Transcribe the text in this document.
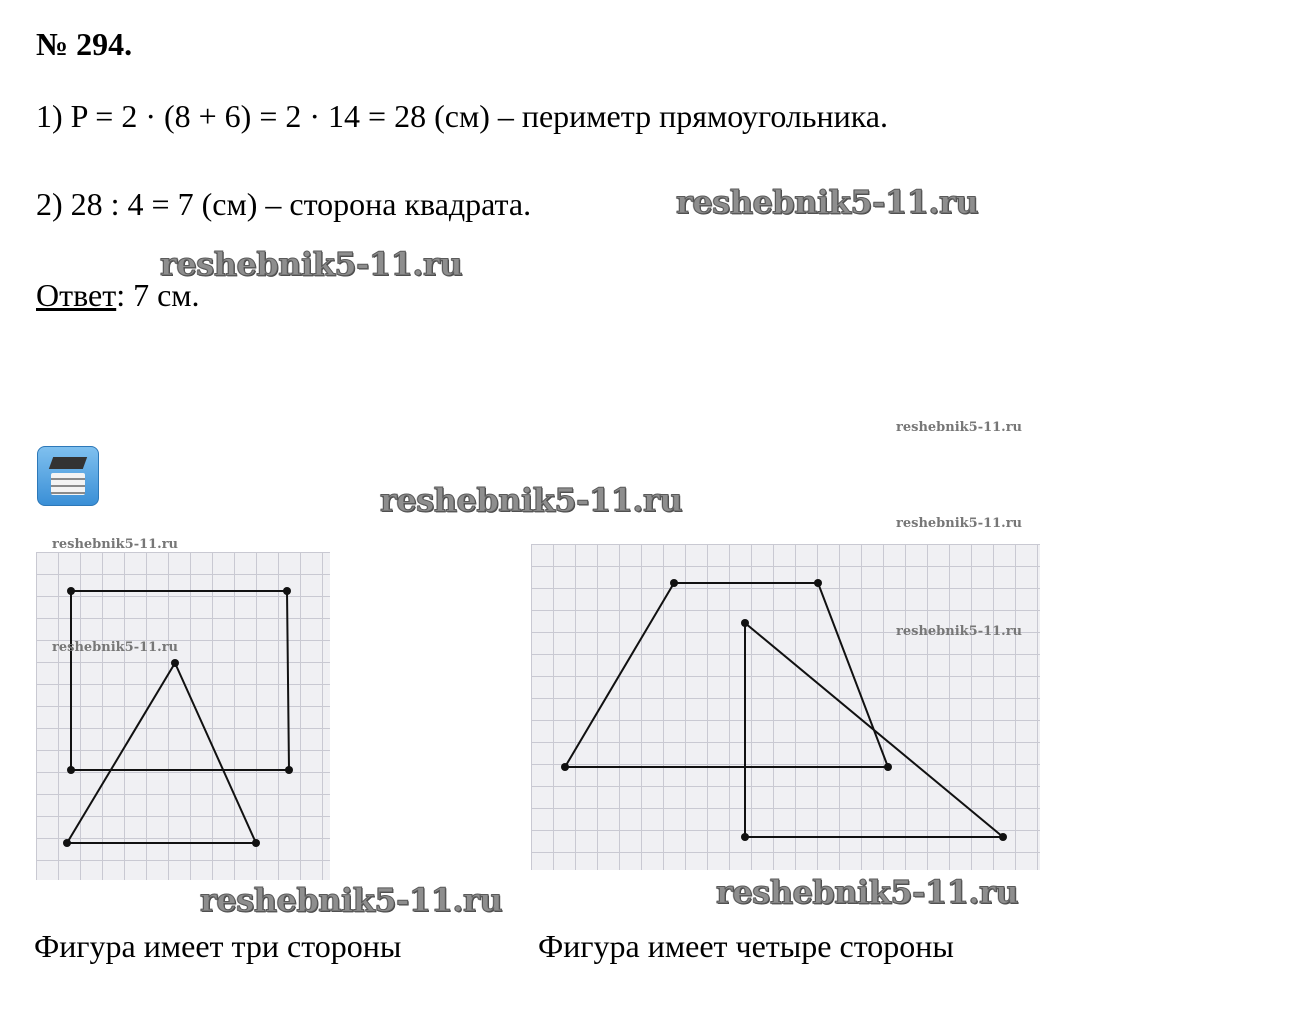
№ 294.
1) P = 2 · (8 + 6) = 2 · 14 = 28 (см) – периметр прямоугольника.
2) 28 : 4 = 7 (см) – сторона квадрата.
Ответ: 7 см.
reshebnik5-11.ru
reshebnik5-11.ru
reshebnik5-11.ru
reshebnik5-11.ru	reshebnik5-11.ru
reshebnik5-11.ru
reshebnik5-11.ru
reshebnik5-11.ru
reshebnik5-11.ru
reshebnik5-11.ru
Фигура имеет три стороны	Фигура имеет четыре стороны
